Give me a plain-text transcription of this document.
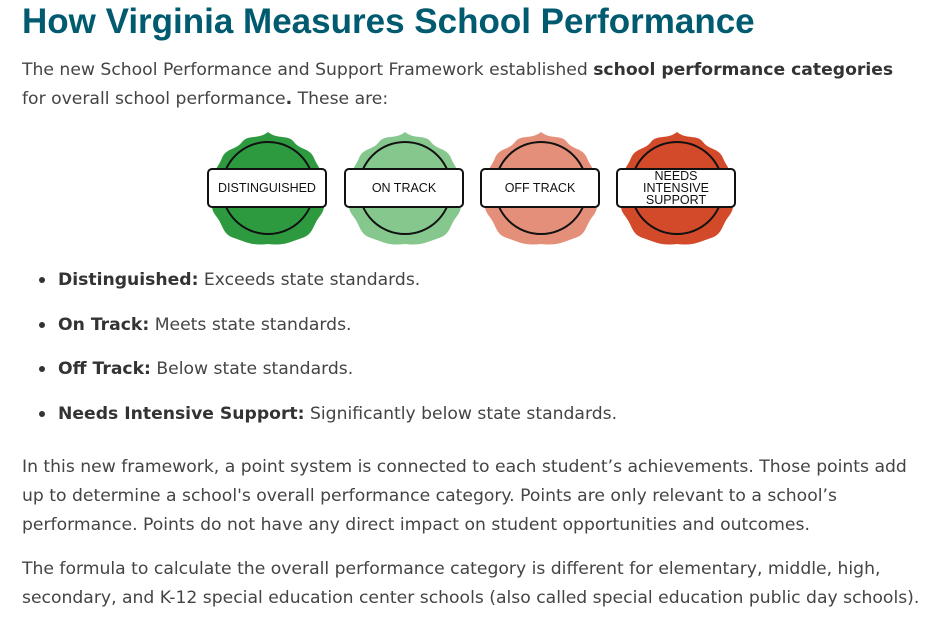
How Virginia Measures School Performance

The new School Performance and Support Framework established school performance categories for overall school performance. These are:

DISTINGUISHED	ON TRACK	OFF TRACK
NEEDS INTENSIVE SUPPORT
Distinguished: Exceeds state standards.
On Track: Meets state standards.
Off Track: Below state standards.
Needs Intensive Support: Significantly below state standards.

In this new framework, a point system is connected to each student’s achievements. Those points add up to determine a school's overall performance category. Points are only relevant to a school’s performance. Points do not have any direct impact on student opportunities and outcomes.

The formula to calculate the overall performance category is different for elementary, middle, high, secondary, and K-12 special education center schools (also called special education public day schools).
